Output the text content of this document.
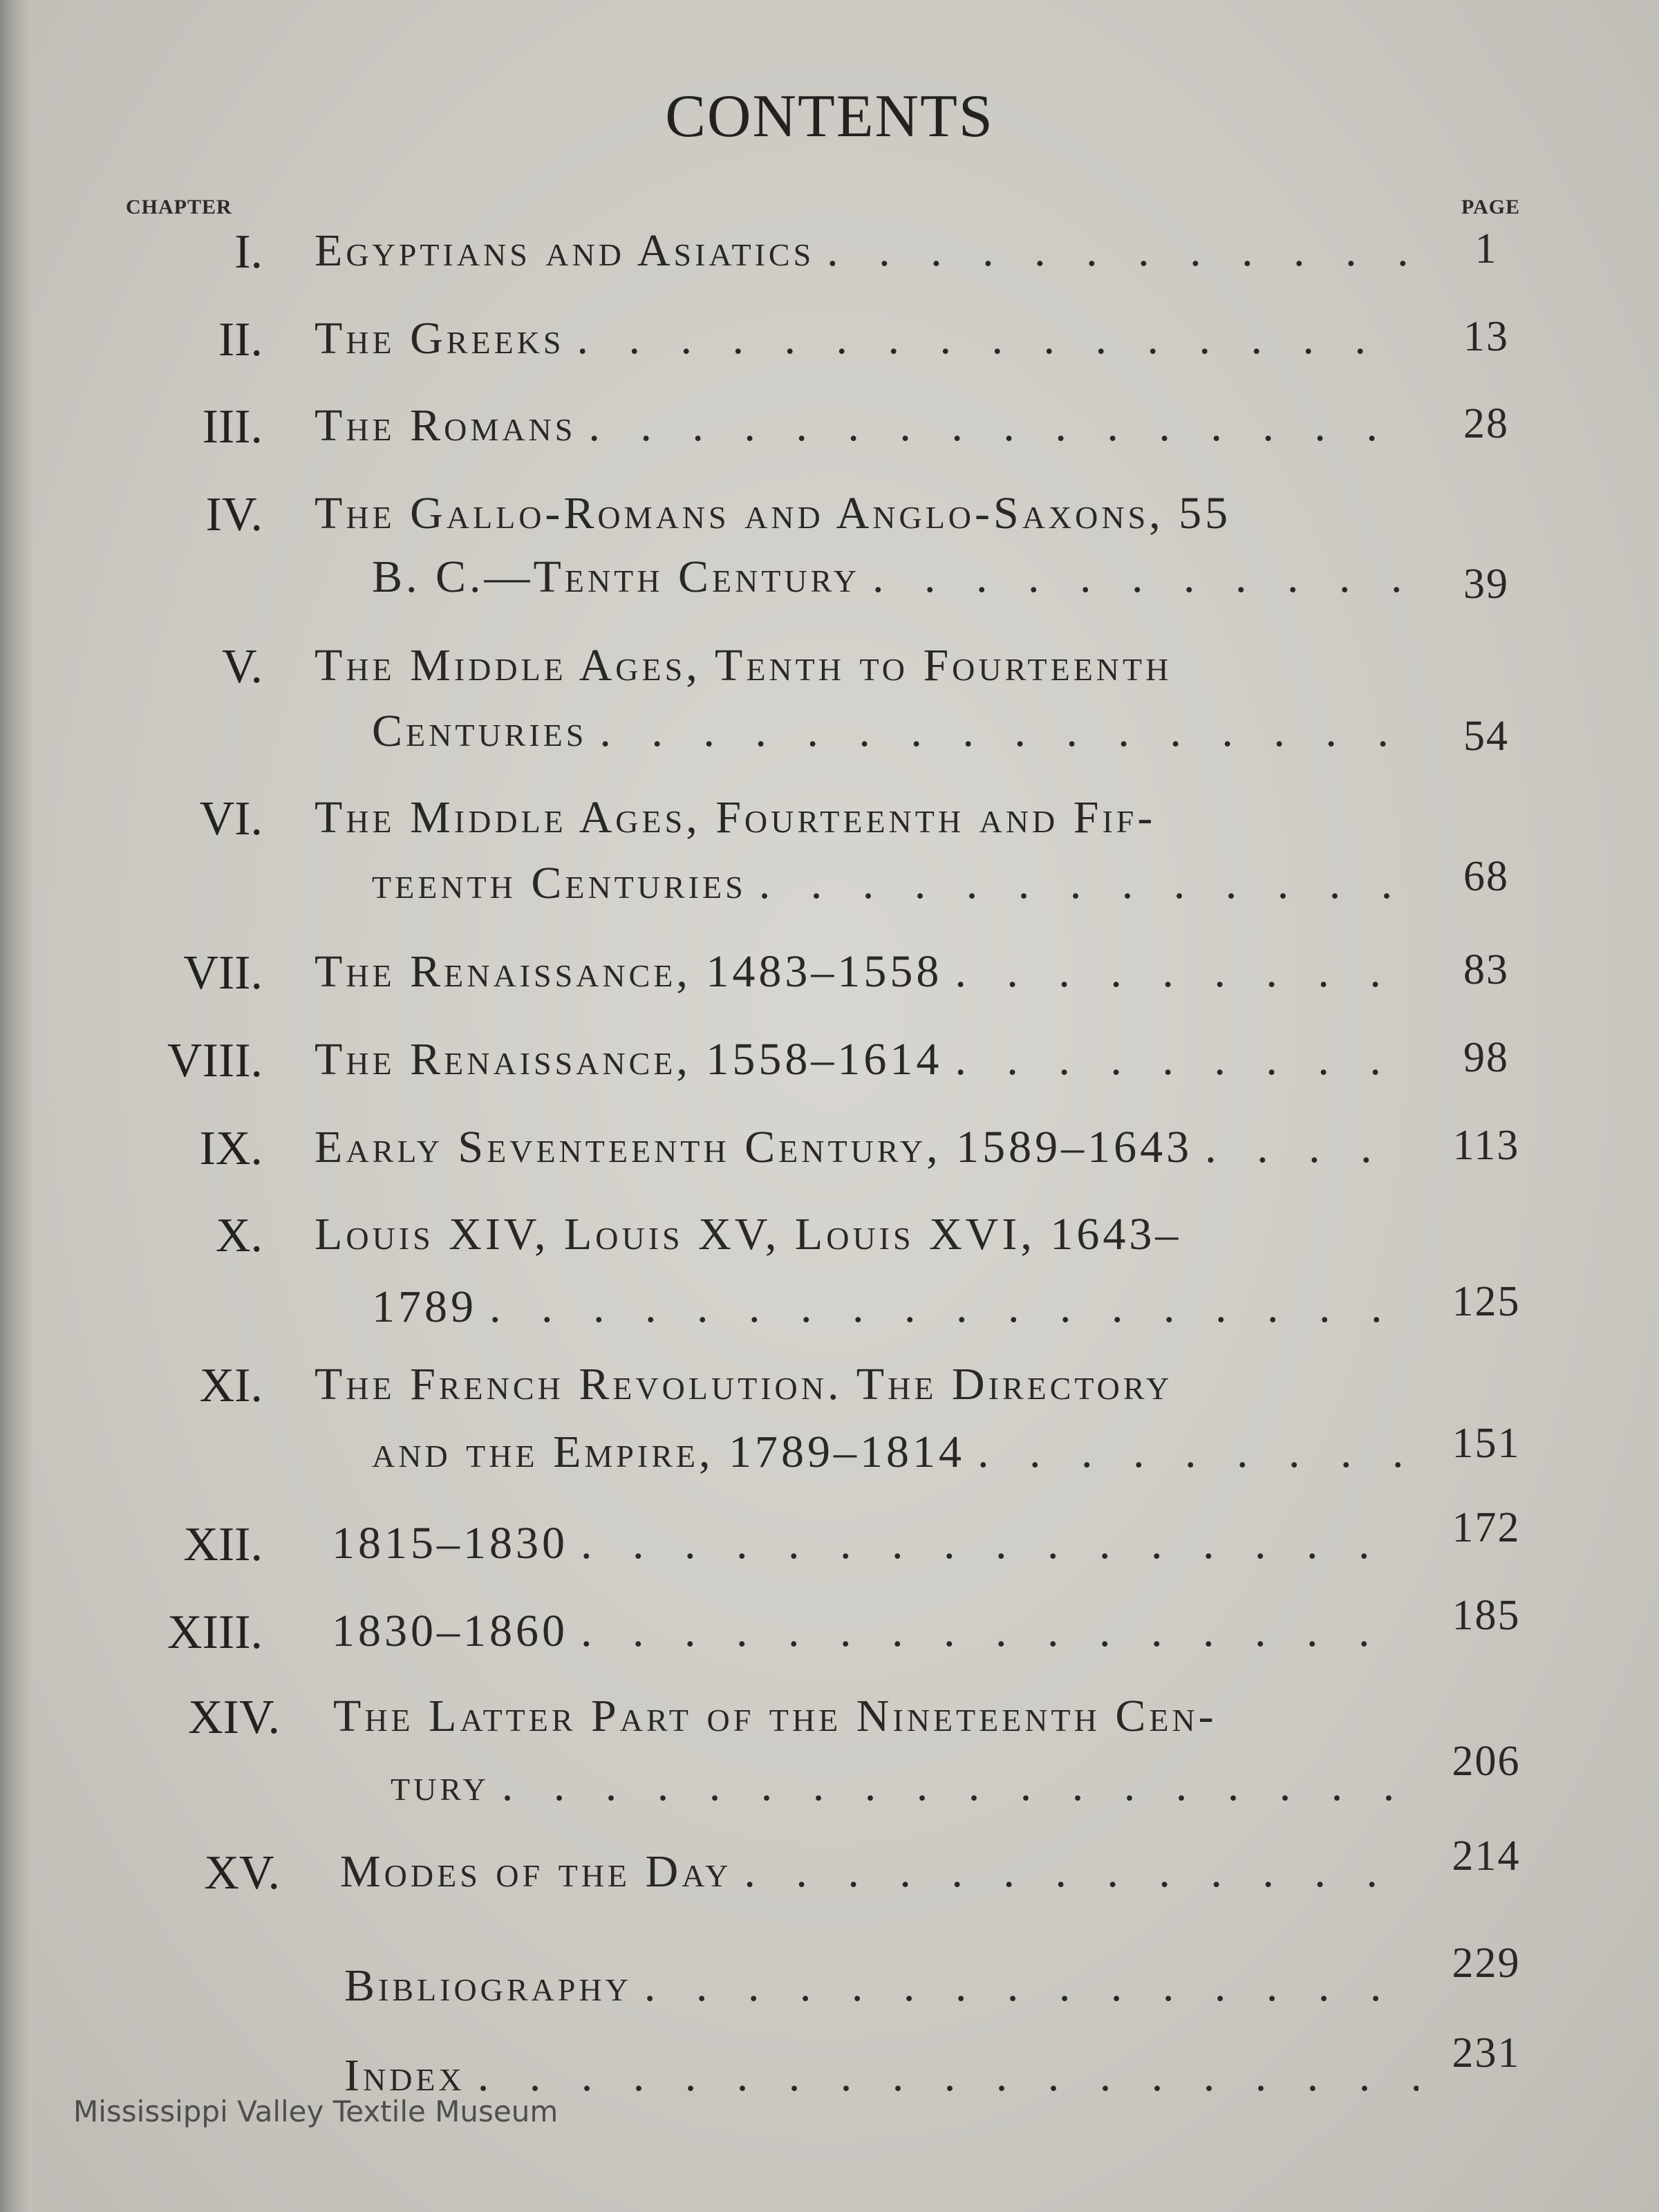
CONTENTS
CHAPTER	PAGE
I. Egyptians and Asiatics . . .	1
II. The Greeks . . .	13
III. The Romans . . .	28
IV. The Gallo-Romans and Anglo-Saxons, 55
B. C.—Tenth Century . . .	39
V. The Middle Ages, Tenth to Fourteenth
Centuries . . .	54
VI. The Middle Ages, Fourteenth and Fif-
teenth Centuries . . .	68
VII. The Renaissance, 1483–1558 . . .	83
VIII. The Renaissance, 1558–1614 . . .	98
IX. Early Seventeenth Century, 1589–1643 . . .	113
X. Louis XIV, Louis XV, Louis XVI, 1643–
1789 . . .	125
XI. The French Revolution. The Directory
and the Empire, 1789–1814 . . .	151
XII. 1815–1830 . . .	172
XIII. 1830–1860 . . .	185
XIV. The Latter Part of the Nineteenth Cen-
tury . . .	206
XV. Modes of the Day . . .	214
Bibliography . . .	229
Index . . .	231
Mississippi Valley Textile Museum
